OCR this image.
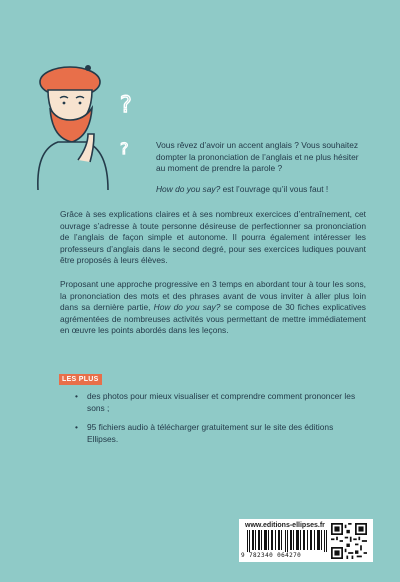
?
?	Vous rêvez d’avoir un accent anglais ? Vous souhaitez dompter la prononciation de l’anglais et ne plus hésiter au moment de prendre la parole ?

How do you say? est l’ouvrage qu’il vous faut !

Grâce à ses explications claires et à ses nombreux exercices d’entraînement, cet ouvrage s’adresse à toute personne désireuse de perfectionner sa prononciation de l’anglais de façon simple et autonome. Il pourra également intéresser les professeurs d’anglais dans le second degré, pour ses exercices ludiques pouvant être proposés à leurs élèves.

Proposant une approche progressive en 3 temps en abordant tour à tour les sons, la prononciation des mots et des phrases avant de vous inviter à aller plus loin dans sa dernière partie, How do you say? se compose de 30 fiches explicatives agrémentées de nombreuses activités vous permettant de mettre immédiatement en œuvre les points abordés dans les leçons.

LES PLUS
• des photos pour mieux visualiser et comprendre comment prononcer les sons ;
• 95 fichiers audio à télécharger gratuitement sur le site des éditions Ellipses.
www.editions-ellipses.fr
9 782340 064270
